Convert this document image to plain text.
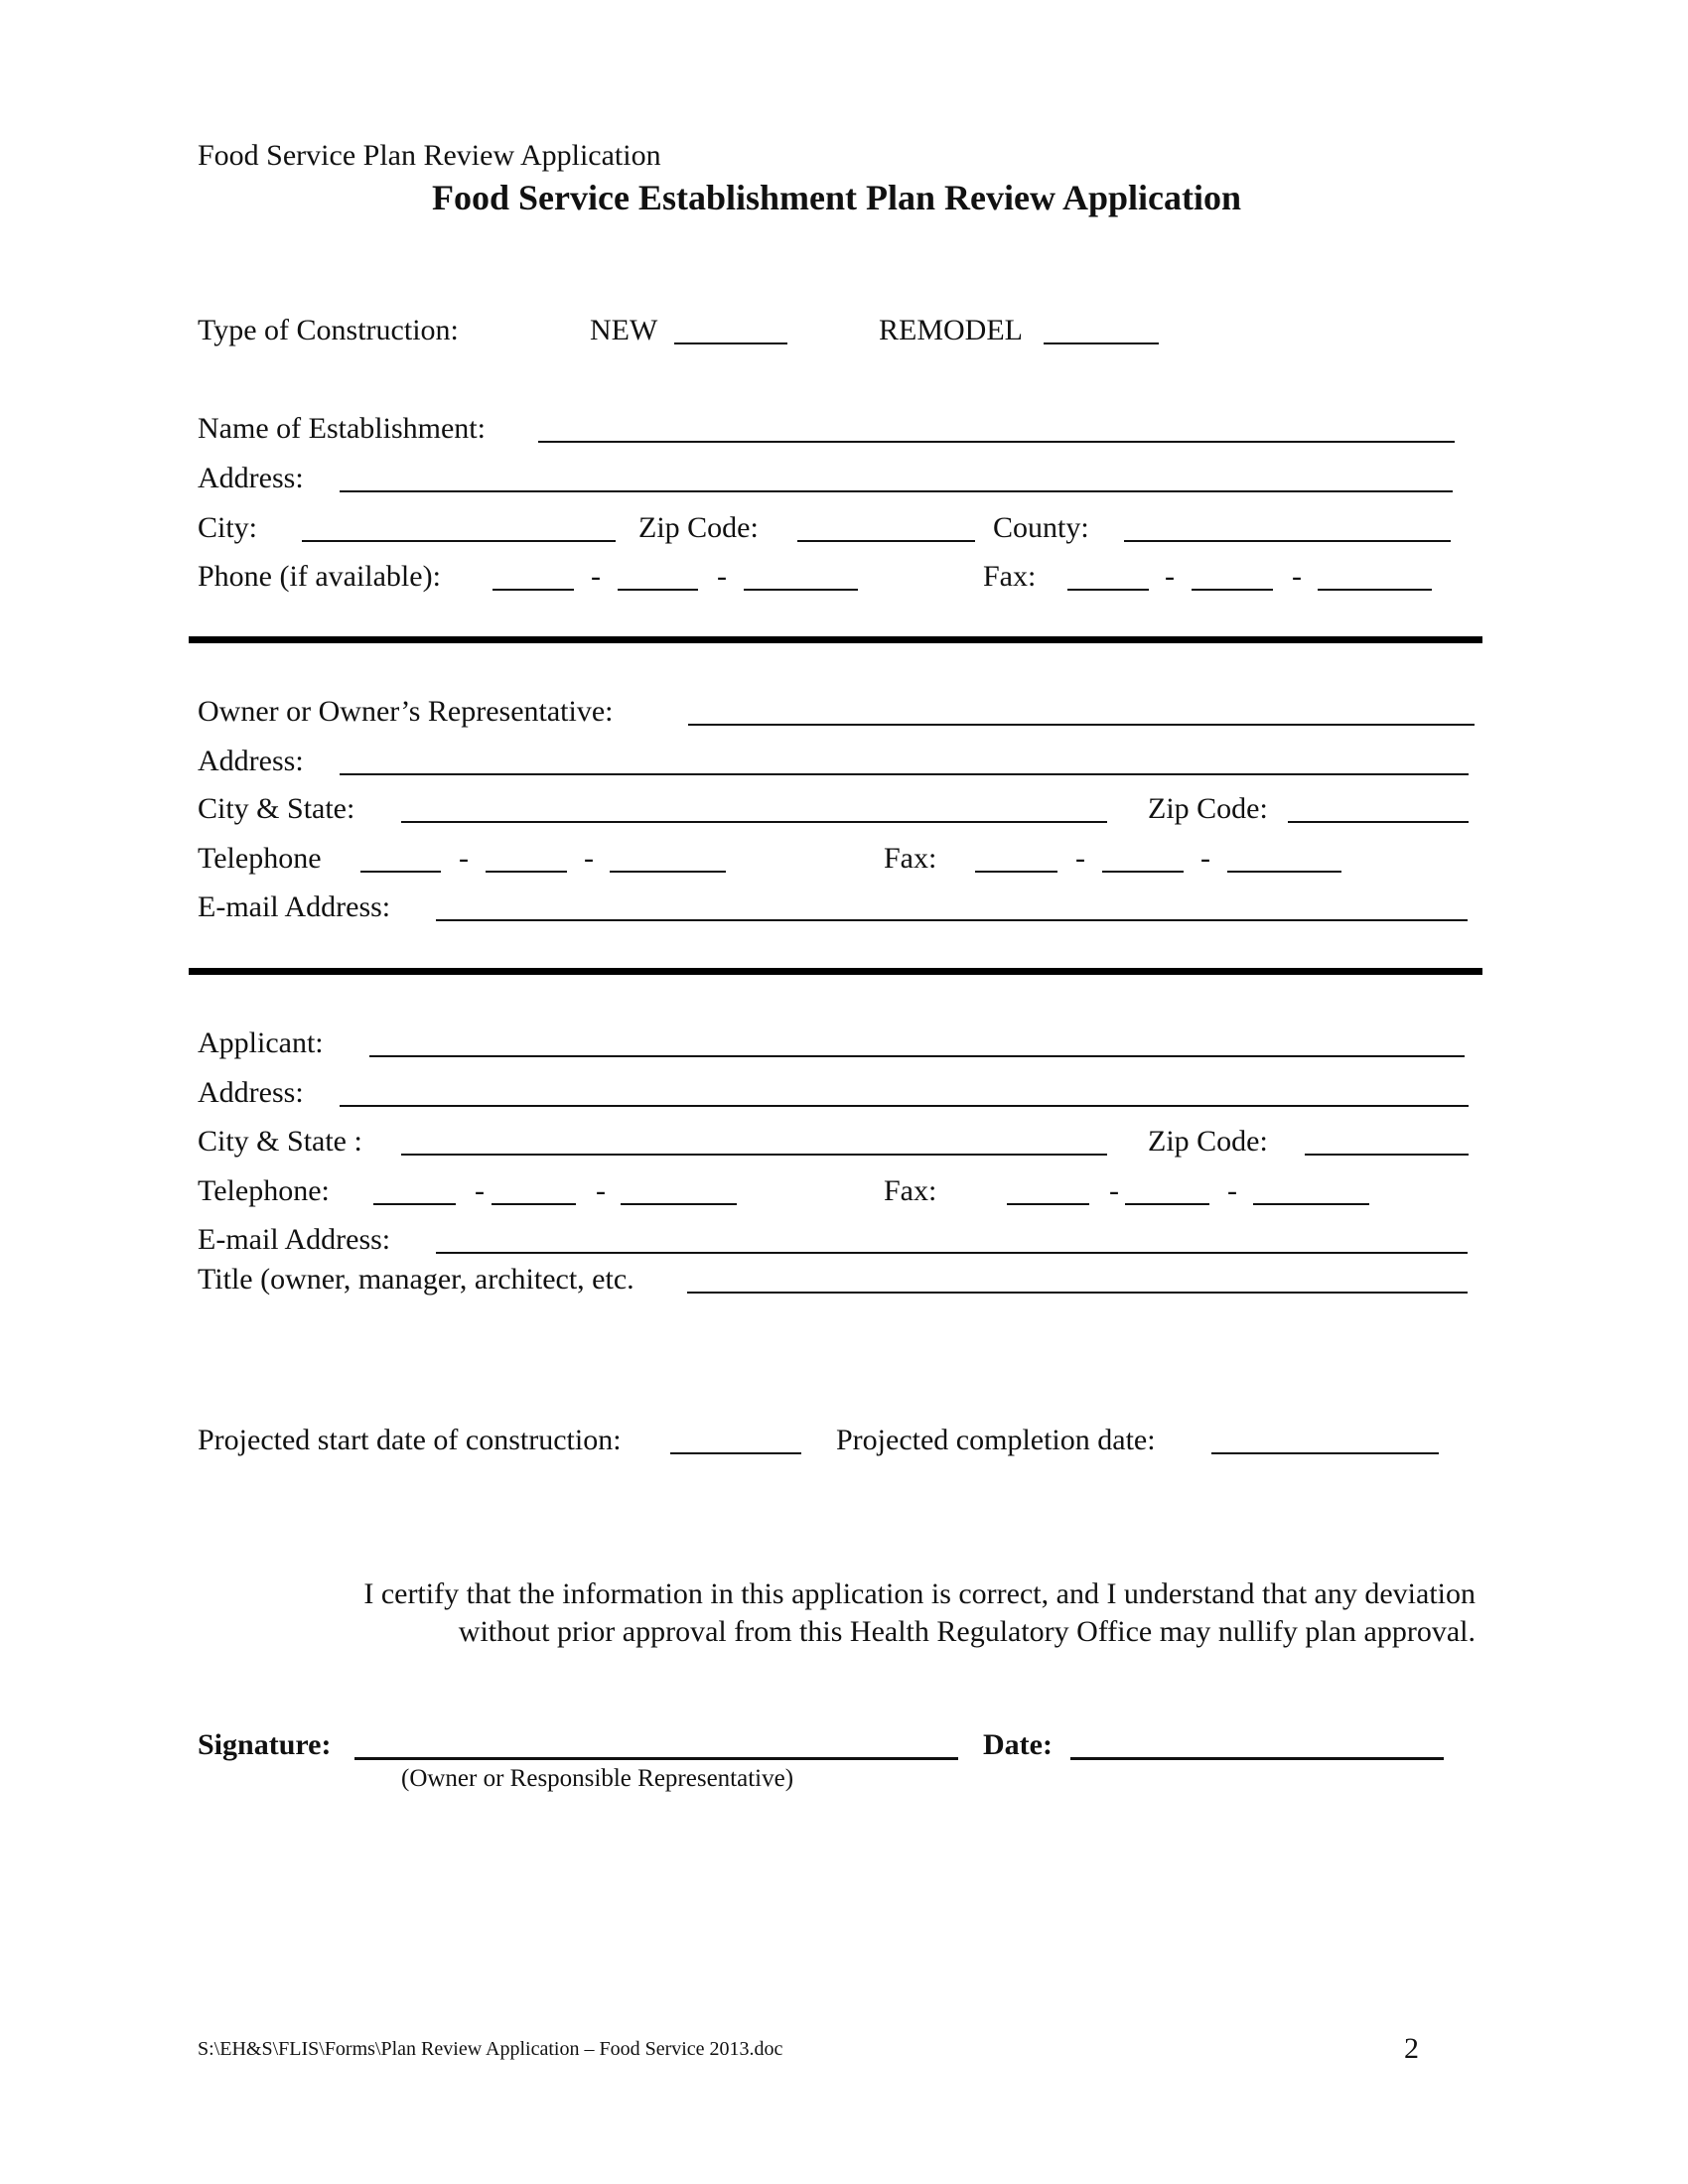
Food Service Plan Review Application
Food Service Establishment Plan Review Application
Type of Construction:	NEW	REMODEL
Name of Establishment:
Address:
City:	Zip Code:	County:
Phone (if available):	-	-	Fax:	-	-
Owner or Owner’s Representative:
Address:
City & State:	Zip Code:
Telephone	-	-	Fax:	-	-
E-mail Address:
Applicant:
Address:
City & State :	Zip Code:
Telephone:	-	-	Fax:	-	-
E-mail Address:
Title (owner, manager, architect, etc.
Projected start date of construction:	Projected completion date:
I certify that the information in this application is correct, and I understand that any deviation
without prior approval from this Health Regulatory Office may nullify plan approval.
Signature:	Date:
(Owner or Responsible Representative)
S:\EH&S\FLIS\Forms\Plan Review Application – Food Service 2013.doc	2
